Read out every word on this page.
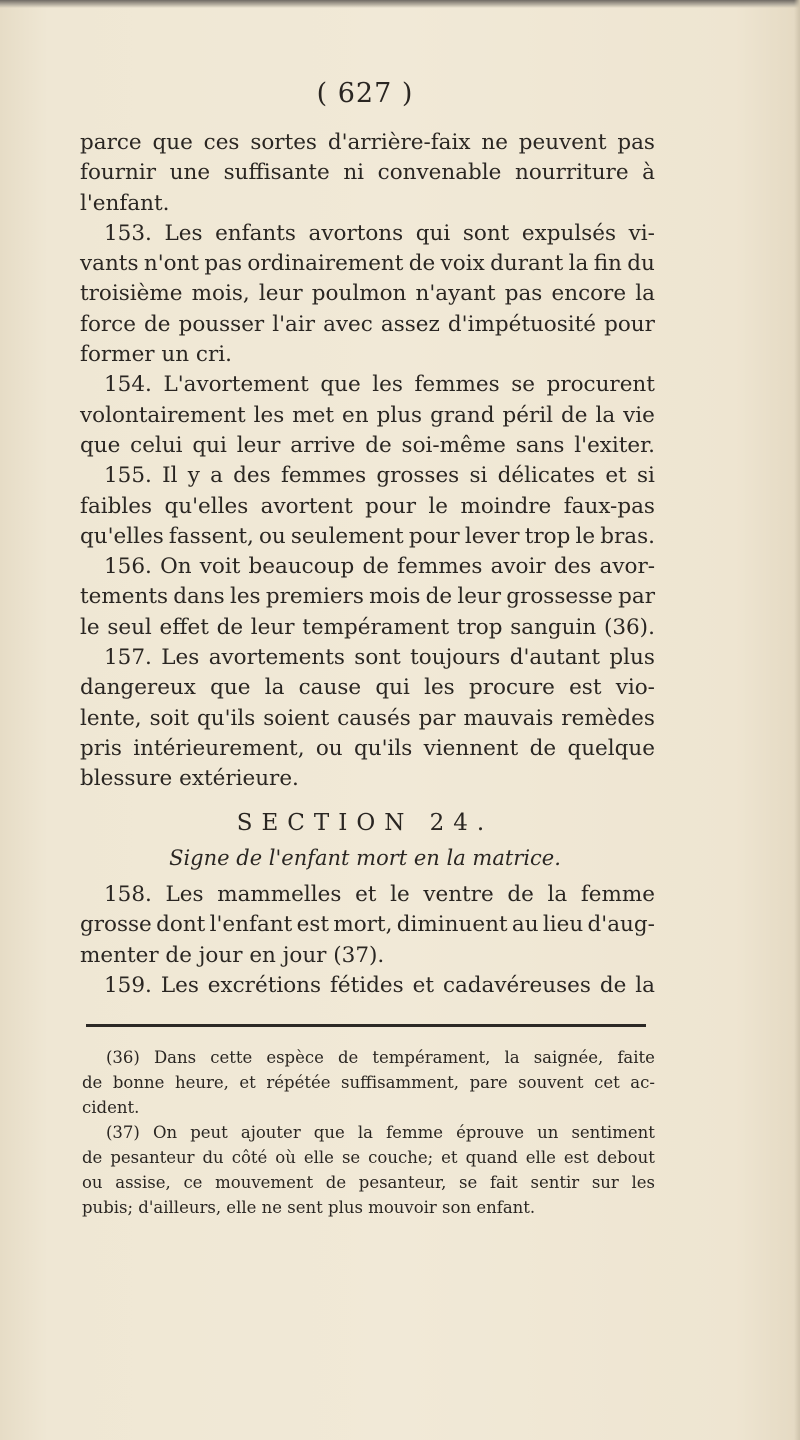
( 627 )
parce que ces sortes d'arrière-faix ne peuvent pas
fournir une suffisante ni convenable nourriture à
l'enfant.
153. Les enfants avortons qui sont expulsés vi-
vants n'ont pas ordinairement de voix durant la fin du
troisième mois, leur poulmon n'ayant pas encore la
force de pousser l'air avec assez d'impétuosité pour
former un cri.
154. L'avortement que les femmes se procurent
volontairement les met en plus grand péril de la vie
que celui qui leur arrive de soi-même sans l'exiter.
155. Il y a des femmes grosses si délicates et si
faibles qu'elles avortent pour le moindre faux-pas
qu'elles fassent, ou seulement pour lever trop le bras.
156. On voit beaucoup de femmes avoir des avor-
tements dans les premiers mois de leur grossesse par
le seul effet de leur tempérament trop sanguin (36).
157. Les avortements sont toujours d'autant plus
dangereux que la cause qui les procure est vio-
lente, soit qu'ils soient causés par mauvais remèdes
pris intérieurement, ou qu'ils viennent de quelque
blessure extérieure.
SECTION 24.
Signe de l'enfant mort en la matrice.
158. Les mammelles et le ventre de la femme
grosse dont l'enfant est mort, diminuent au lieu d'aug-
menter de jour en jour (37).
159. Les excrétions fétides et cadavéreuses de la
(36) Dans cette espèce de tempérament, la saignée, faite
de bonne heure, et répétée suffisamment, pare souvent cet ac-
cident.
(37) On peut ajouter que la femme éprouve un sentiment
de pesanteur du côté où elle se couche; et quand elle est debout
ou assise, ce mouvement de pesanteur, se fait sentir sur les
pubis; d'ailleurs, elle ne sent plus mouvoir son enfant.
